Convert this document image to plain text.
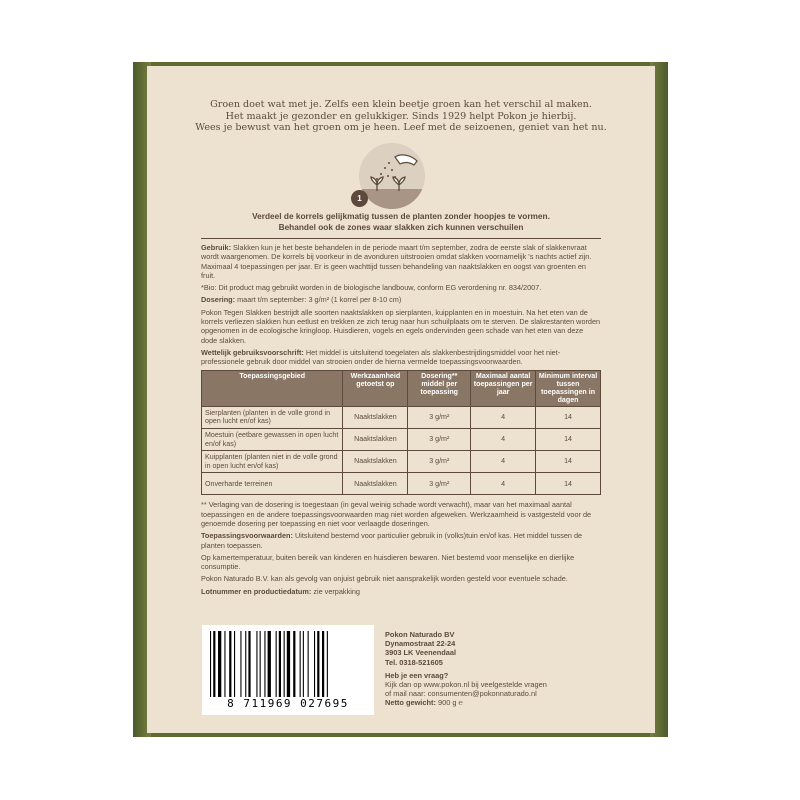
Groen doet wat met je. Zelfs een klein beetje groen kan het verschil al maken.
Het maakt je gezonder en gelukkiger. Sinds 1929 helpt Pokon je hierbij.
Wees je bewust van het groen om je heen. Leef met de seizoenen, geniet van het nu.
1
Verdeel de korrels gelijkmatig tussen de planten zonder hoopjes te vormen.
Behandel ook de zones waar slakken zich kunnen verschuilen

Gebruik: Slakken kun je het beste behandelen in de periode maart t/m september, zodra de eerste slak of slakkenvraat wordt waargenomen. De korrels bij voorkeur in de avonduren uitstrooien omdat slakken voornamelijk 's nachts actief zijn. Maximaal 4 toepassingen per jaar. Er is geen wachttijd tussen behandeling van naaktslakken en oogst van groenten en fruit.

*Bio: Dit product mag gebruikt worden in de biologische landbouw, conform EG verordening nr. 834/2007.

Dosering: maart t/m september: 3 g/m² (1 korrel per 8-10 cm)

Pokon Tegen Slakken bestrijdt alle soorten naaktslakken op sierplanten, kuipplanten en in moestuin. Na het eten van de korrels verliezen slakken hun eetlust en trekken ze zich terug naar hun schuilplaats om te sterven. De slakrestanten worden opgenomen in de ecologische kringloop. Huisdieren, vogels en egels ondervinden geen schade van het eten van deze dode slakken.

Wettelijk gebruiksvoorschrift: Het middel is uitsluitend toegelaten als slakkenbestrijdingsmiddel voor het niet-professionele gebruik door middel van strooien onder de hierna vermelde toepassingsvoorwaarden.

Toepassingsgebied	Werkzaamheid getoetst op	Dosering** middel per toepassing	Maximaal aantal toepassingen per jaar	Minimum interval tussen toepassingen in dagen
Sierplanten (planten in de volle grond in open lucht en/of kas)	Naaktslakken	3 g/m²	4	14
Moestuin (eetbare gewassen in open lucht en/of kas)	Naaktslakken	3 g/m²	4	14
Kuipplanten (planten niet in de volle grond in open lucht en/of kas)	Naaktslakken	3 g/m²	4	14
Onverharde terreinen	Naaktslakken	3 g/m²	4	14

** Verlaging van de dosering is toegestaan (in geval weinig schade wordt verwacht), maar van het maximaal aantal toepassingen en de andere toepassingsvoorwaarden mag niet worden afgeweken. Werkzaamheid is vastgesteld voor de genoemde dosering per toepassing en niet voor verlaagde doseringen.

Toepassingsvoorwaarden: Uitsluitend bestemd voor particulier gebruik in (volks)tuin en/of kas. Het middel tussen de planten toepassen.

Op kamertemperatuur, buiten bereik van kinderen en huisdieren bewaren. Niet bestemd voor menselijke en dierlijke consumptie.

Pokon Naturado B.V. kan als gevolg van onjuist gebruik niet aansprakelijk worden gesteld voor eventuele schade.

Lotnummer en productiedatum: zie verpakking

8 711969 027695
Pokon Naturado BV
Dynamostraat 22-24
3903 LK Veenendaal
Tel. 0318-521605
Heb je een vraag?
Kijk dan op www.pokon.nl bij veelgestelde vragen
of mail naar: consumenten@pokonnaturado.nl
Netto gewicht: 900 g ℮
